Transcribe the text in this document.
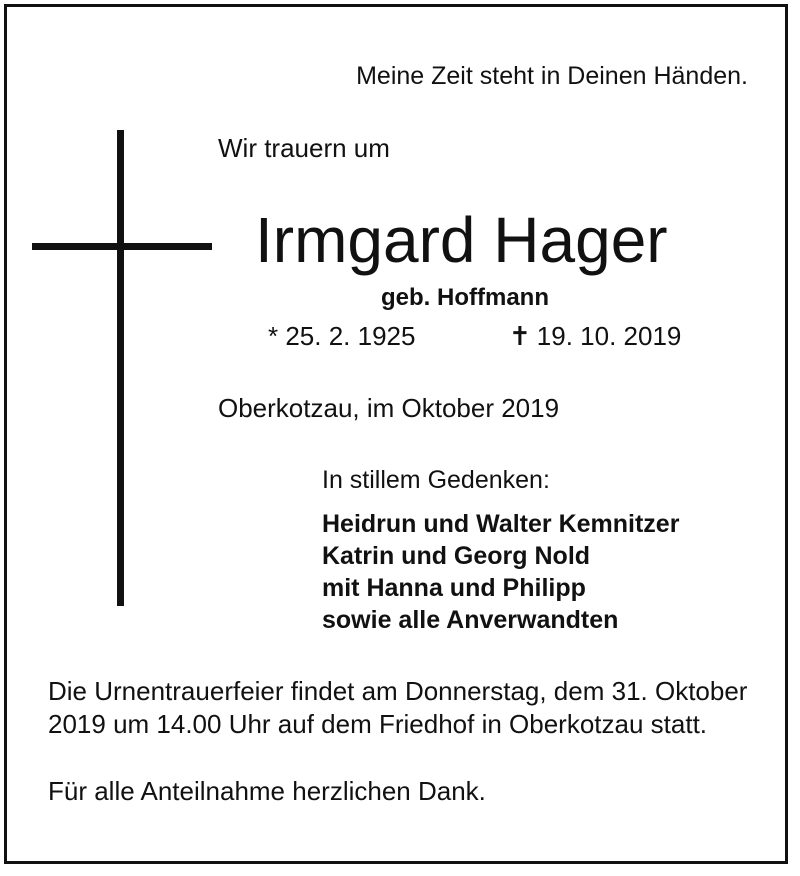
Meine Zeit steht in Deinen Händen.
Wir trauern um
Irmgard Hager
geb. Hoffmann
* 25. 2. 1925	✝ 19. 10. 2019
Oberkotzau, im Oktober 2019
In stillem Gedenken:
Heidrun und Walter Kemnitzer
Katrin und Georg Nold
mit Hanna und Philipp
sowie alle Anverwandten

Die Urnentrauerfeier findet am Donnerstag, dem 31. Oktober 2019 um 14.00 Uhr auf dem Friedhof in Oberkotzau statt.

Für alle Anteilnahme herzlichen Dank.
